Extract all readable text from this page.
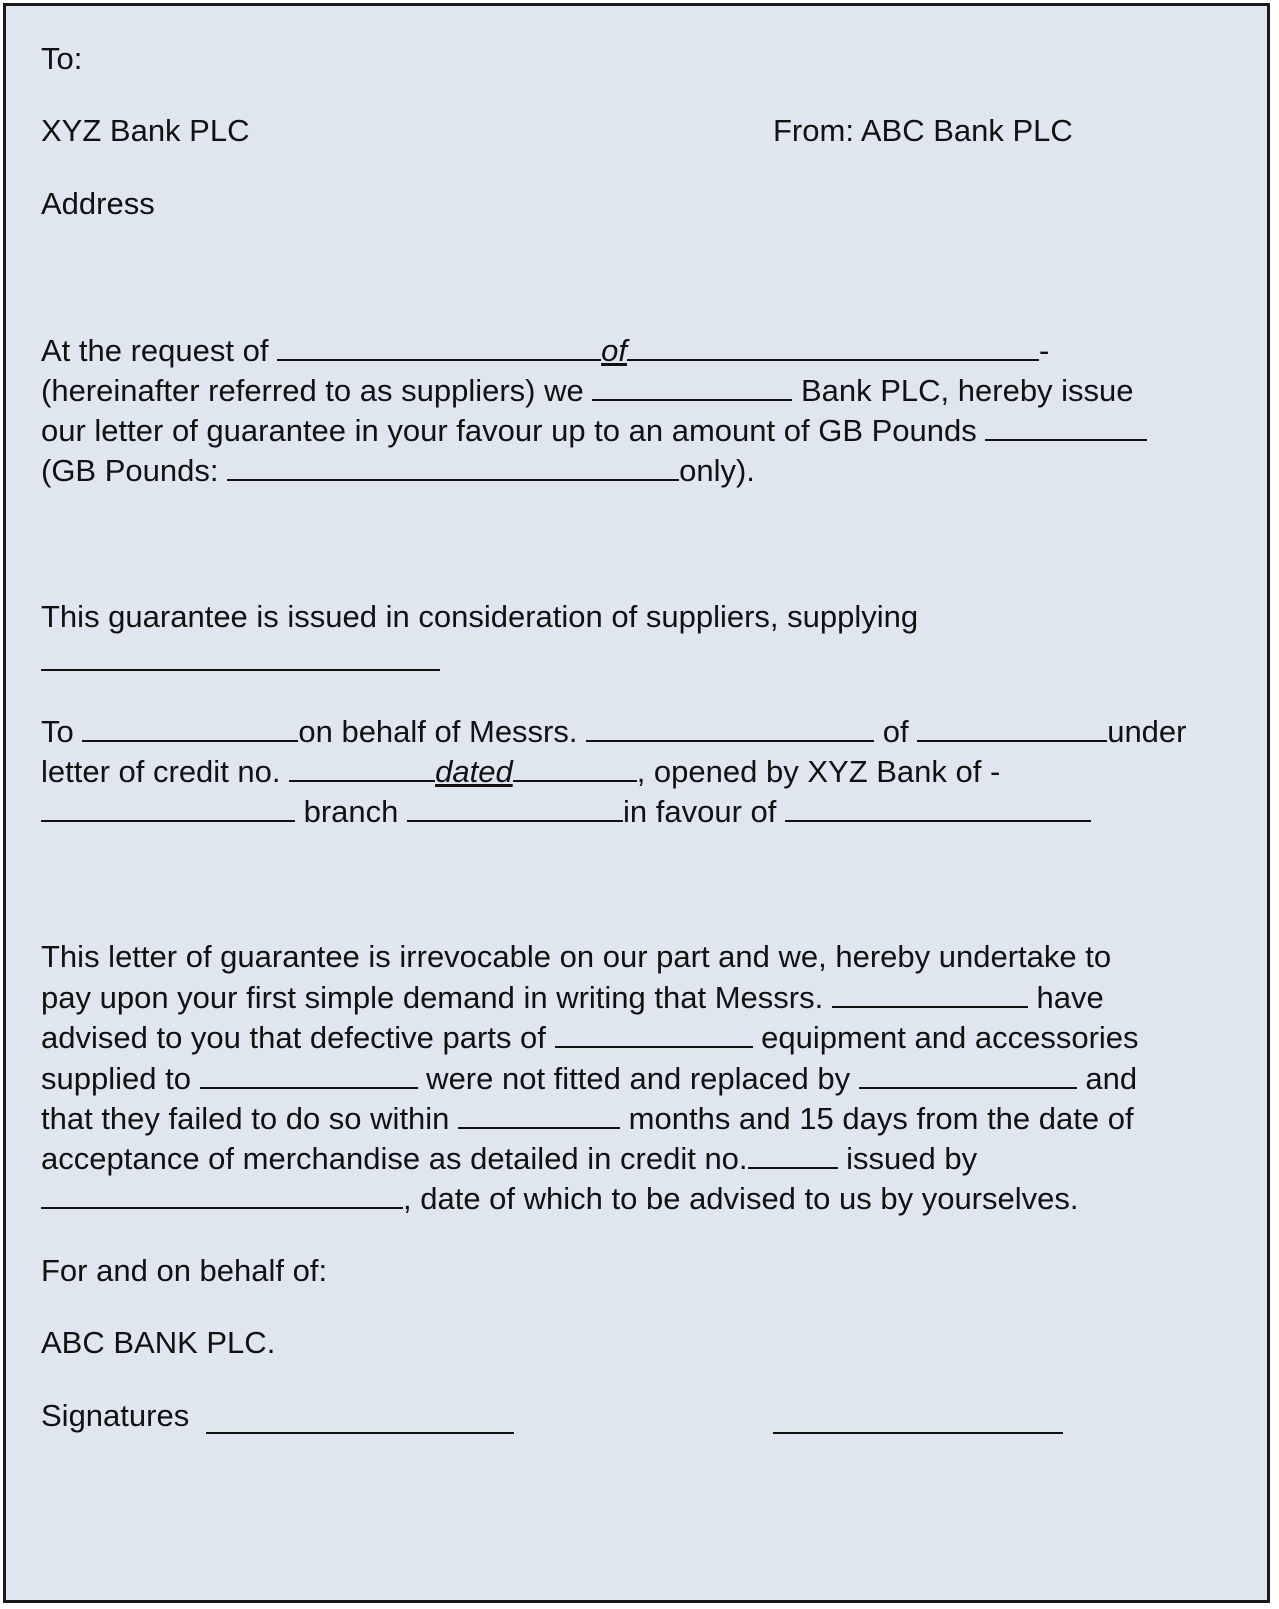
To:

XYZ Bank PLC	From: ABC Bank PLC

Address

At the request of	of	-

(hereinafter referred to as suppliers) we	Bank PLC, hereby issue

our letter of guarantee in your favour up to an amount of GB Pounds

(GB Pounds:	only).

This guarantee is issued in consideration of suppliers, supplying

To	on behalf of Messrs.	of	under

letter of credit no.	dated	, opened by XYZ Bank of -

branch	in favour of

This letter of guarantee is irrevocable on our part and we, hereby undertake to

pay upon your first simple demand in writing that Messrs.	have

advised to you that defective parts of	equipment and accessories

supplied to	were not fitted and replaced by	and

that they failed to do so within	months and 15 days from the date of

acceptance of merchandise as detailed in credit no.	issued by

, date of which to be advised to us by yourselves.

For and on behalf of:

ABC BANK PLC.

Signatures
